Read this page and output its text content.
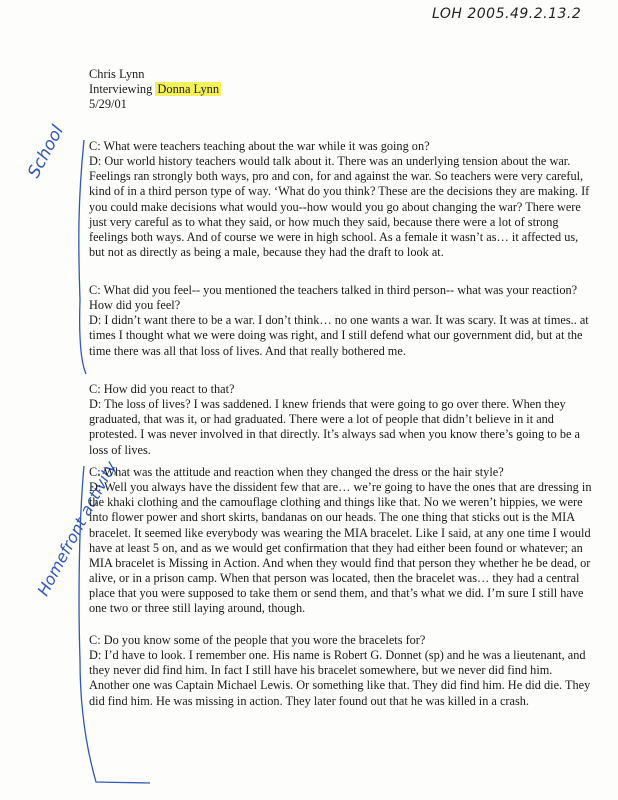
LOH 2005.49.2.13.2
Chris Lynn
Interviewing Donna Lynn
5/29/01
School
Homefront activity

C: What were teachers teaching about the war while it was going on?

D: Our world history teachers would talk about it. There was an underlying tension about the war. Feelings ran strongly both ways, pro and con, for and against the war. So teachers were very careful, kind of in a third person type of way. ‘What do you think? These are the decisions they are making. If you could make decisions what would you--how would you go about changing the war? There were just very careful as to what they said, or how much they said, because there were a lot of strong feelings both ways. And of course we were in high school. As a female it wasn’t as… it affected us, but not as directly as being a male, because they had the draft to look at.

C: What did you feel-- you mentioned the teachers talked in third person-- what was your reaction? How did you feel?

D: I didn’t want there to be a war. I don’t think… no one wants a war. It was scary. It was at times.. at times I thought what we were doing was right, and I still defend what our government did, but at the time there was all that loss of lives. And that really bothered me.

C: How did you react to that?

D: The loss of lives? I was saddened. I knew friends that were going to go over there. When they graduated, that was it, or had graduated. There were a lot of people that didn’t believe in it and protested. I was never involved in that directly. It’s always sad when you know there’s going to be a loss of lives.

C: What was the attitude and reaction when they changed the dress or the hair style?

D: Well you always have the dissident few that are… we’re going to have the ones that are dressing in the khaki clothing and the camouflage clothing and things like that. No we weren’t hippies, we were into flower power and short skirts, bandanas on our heads. The one thing that sticks out is the MIA bracelet. It seemed like everybody was wearing the MIA bracelet. Like I said, at any one time I would have at least 5 on, and as we would get confirmation that they had either been found or whatever; an MIA bracelet is Missing in Action. And when they would find that person they whether he be dead, or alive, or in a prison camp. When that person was located, then the bracelet was… they had a central place that you were supposed to take them or send them, and that’s what we did. I’m sure I still have one two or three still laying around, though.

C: Do you know some of the people that you wore the bracelets for?

D: I’d have to look. I remember one. His name is Robert G. Donnet (sp) and he was a lieutenant, and they never did find him. In fact I still have his bracelet somewhere, but we never did find him. Another one was Captain Michael Lewis. Or something like that. They did find him. He did die. They did find him. He was missing in action. They later found out that he was killed in a crash.
